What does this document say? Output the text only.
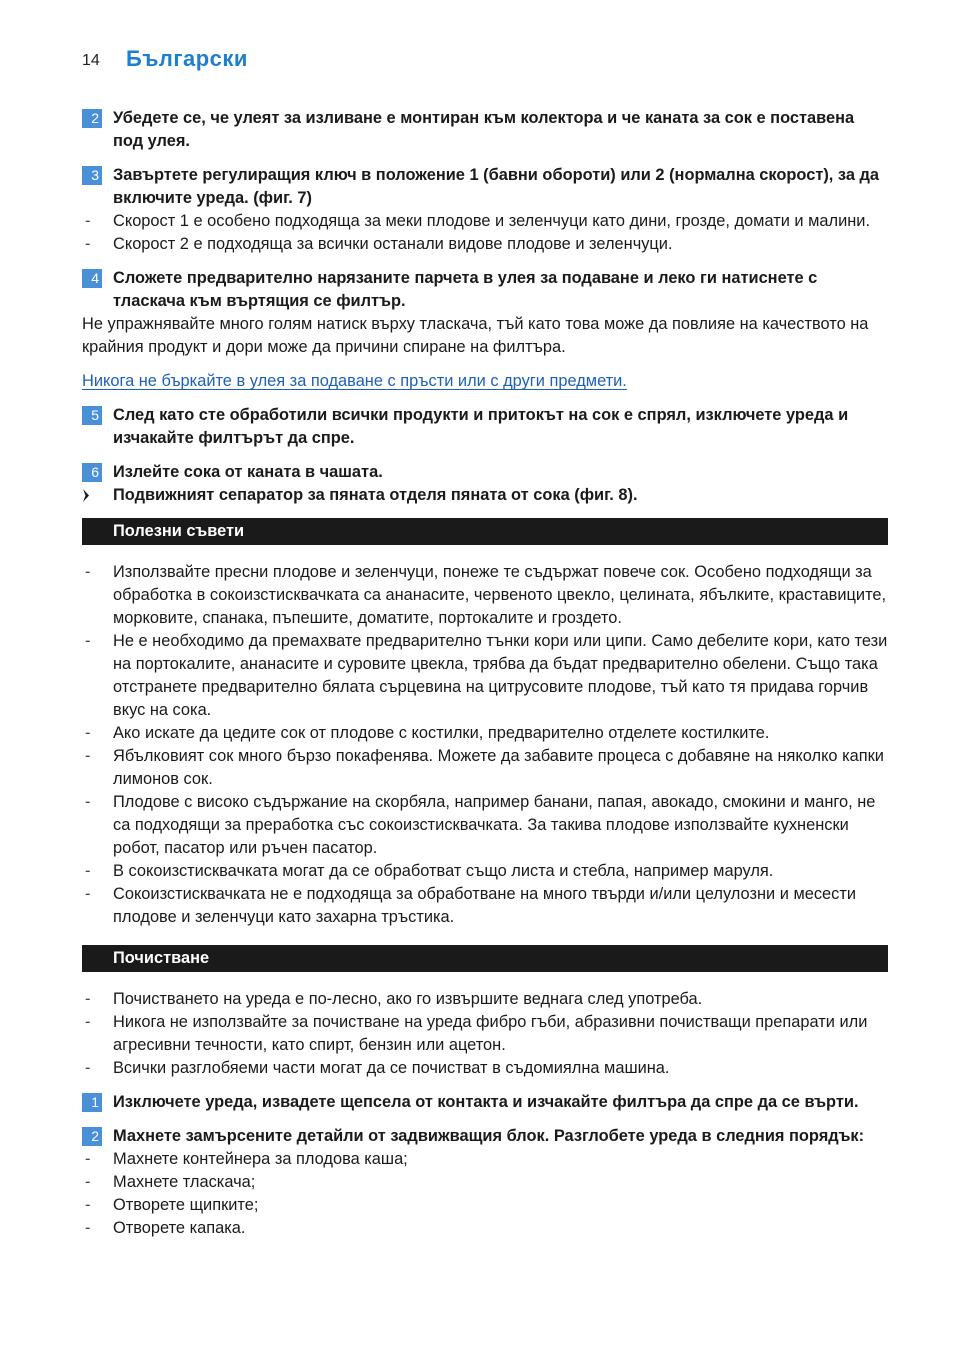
14 Български
2 Убедете се, че улеят за изливане е монтиран към колектора и че каната за сок е поставена под улея.
3 Завъртете регулиращия ключ в положение 1 (бавни обороти) или 2 (нормална скорост), за да включите уреда. (фиг. 7)
- Скорост 1 е особено подходяща за меки плодове и зеленчуци като дини, грозде, домати и малини.
- Скорост 2 е подходяща за всички останали видове плодове и зеленчуци.
4 Сложете предварително нарязаните парчета в улея за подаване и леко ги натиснете с тласкача към въртящия се филтър.
Не упражнявайте много голям натиск върху тласкача, тъй като това може да повлияе на качеството на крайния продукт и дори може да причини спиране на филтъра.
Никога не бъркайте в улея за подаване с пръсти или с други предмети.
5 След като сте обработили всички продукти и притокът на сок е спрял, изключете уреда и изчакайте филтърът да спре.
6 Излейте сока от каната в чашата.
Подвижният сепаратор за пяната отделя пяната от сока (фиг. 8).
Полезни съвети
- Използвайте пресни плодове и зеленчуци, понеже те съдържат повече сок. Особено подходящи за обработка в сокоизстисквачката са ананасите, червеното цвекло, целината, ябълките, краставиците, морковите, спанака, пъпешите, доматите, портокалите и гроздето.
- Не е необходимо да премахвате предварително тънки кори или ципи. Само дебелите кори, като тези на портокалите, ананасите и суровите цвекла, трябва да бъдат предварително обелени. Също така отстранете предварително бялата сърцевина на цитрусовите плодове, тъй като тя придава горчив вкус на сока.
- Ако искате да цедите сок от плодове с костилки, предварително отделете костилките.
- Ябълковият сок много бързо покафенява. Можете да забавите процеса с добавяне на няколко капки лимонов сок.
- Плодове с високо съдържание на скорбяла, например банани, папая, авокадо, смокини и манго, не са подходящи за преработка със сокоизстисквачката. За такива плодове използвайте кухненски робот, пасатор или ръчен пасатор.
- В сокоизстисквачката могат да се обработват също листа и стебла, например маруля.
- Сокоизстисквачката не е подходяща за обработване на много твърди и/или целулозни и месести плодове и зеленчуци като захарна тръстика.
Почистване
- Почистването на уреда е по-лесно, ако го извършите веднага след употреба.
- Никога не използвайте за почистване на уреда фибро гъби, абразивни почистващи препарати или агресивни течности, като спирт, бензин или ацетон.
- Всички разглобяеми части могат да се почистват в съдомиялна машина.
1 Изключете уреда, извадете щепсела от контакта и изчакайте филтъра да спре да се върти.
2 Махнете замърсените детайли от задвижващия блок. Разглобете уреда в следния порядък:
- Махнете контейнера за плодова каша;
- Махнете тласкача;
- Отворете щипките;
- Отворете капака.
